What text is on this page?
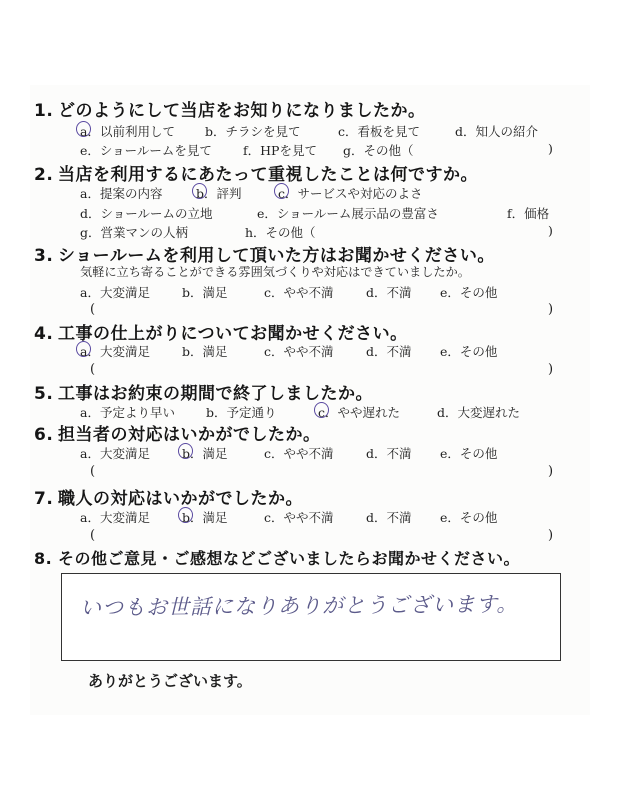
1. どのようにして当店をお知りになりましたか。
a．以前利用して b．チラシを見て	c．看板を見て	d．知人の紹介
e．ショールームを見て f．HPを見て g．その他（	)
2. 当店を利用するにあたって重視したことは何ですか。
a．提案の内容	b．評判	c．サービスや対応のよさ
d．ショールームの立地	e．ショールーム展示品の豊富さ	f．価格
g．営業マンの人柄	h．その他（	)
3. ショールームを利用して頂いた方はお聞かせください。
気軽に立ち寄ることができる雰囲気づくりや対応はできていましたか。
a．大変満足	b．満足	c．やや不満	d．不満 e．その他
(	)
4. 工事の仕上がりについてお聞かせください。
a．大変満足	b．満足	c．やや不満	d．不満 e．その他
(	)
5. 工事はお約束の期間で終了しましたか。
a．予定より早い b．予定通り	c．やや遅れた	d．大変遅れた
6. 担当者の対応はいかがでしたか。
a．大変満足	b．満足	c．やや不満	d．不満 e．その他
(	)
7. 職人の対応はいかがでしたか。
a．大変満足	b．満足	c．やや不満	d．不満 e．その他
(	)
8. その他ご意見・ご感想などございましたらお聞かせください。
いつもお世話になりありがとうございます。
ありがとうございます。
